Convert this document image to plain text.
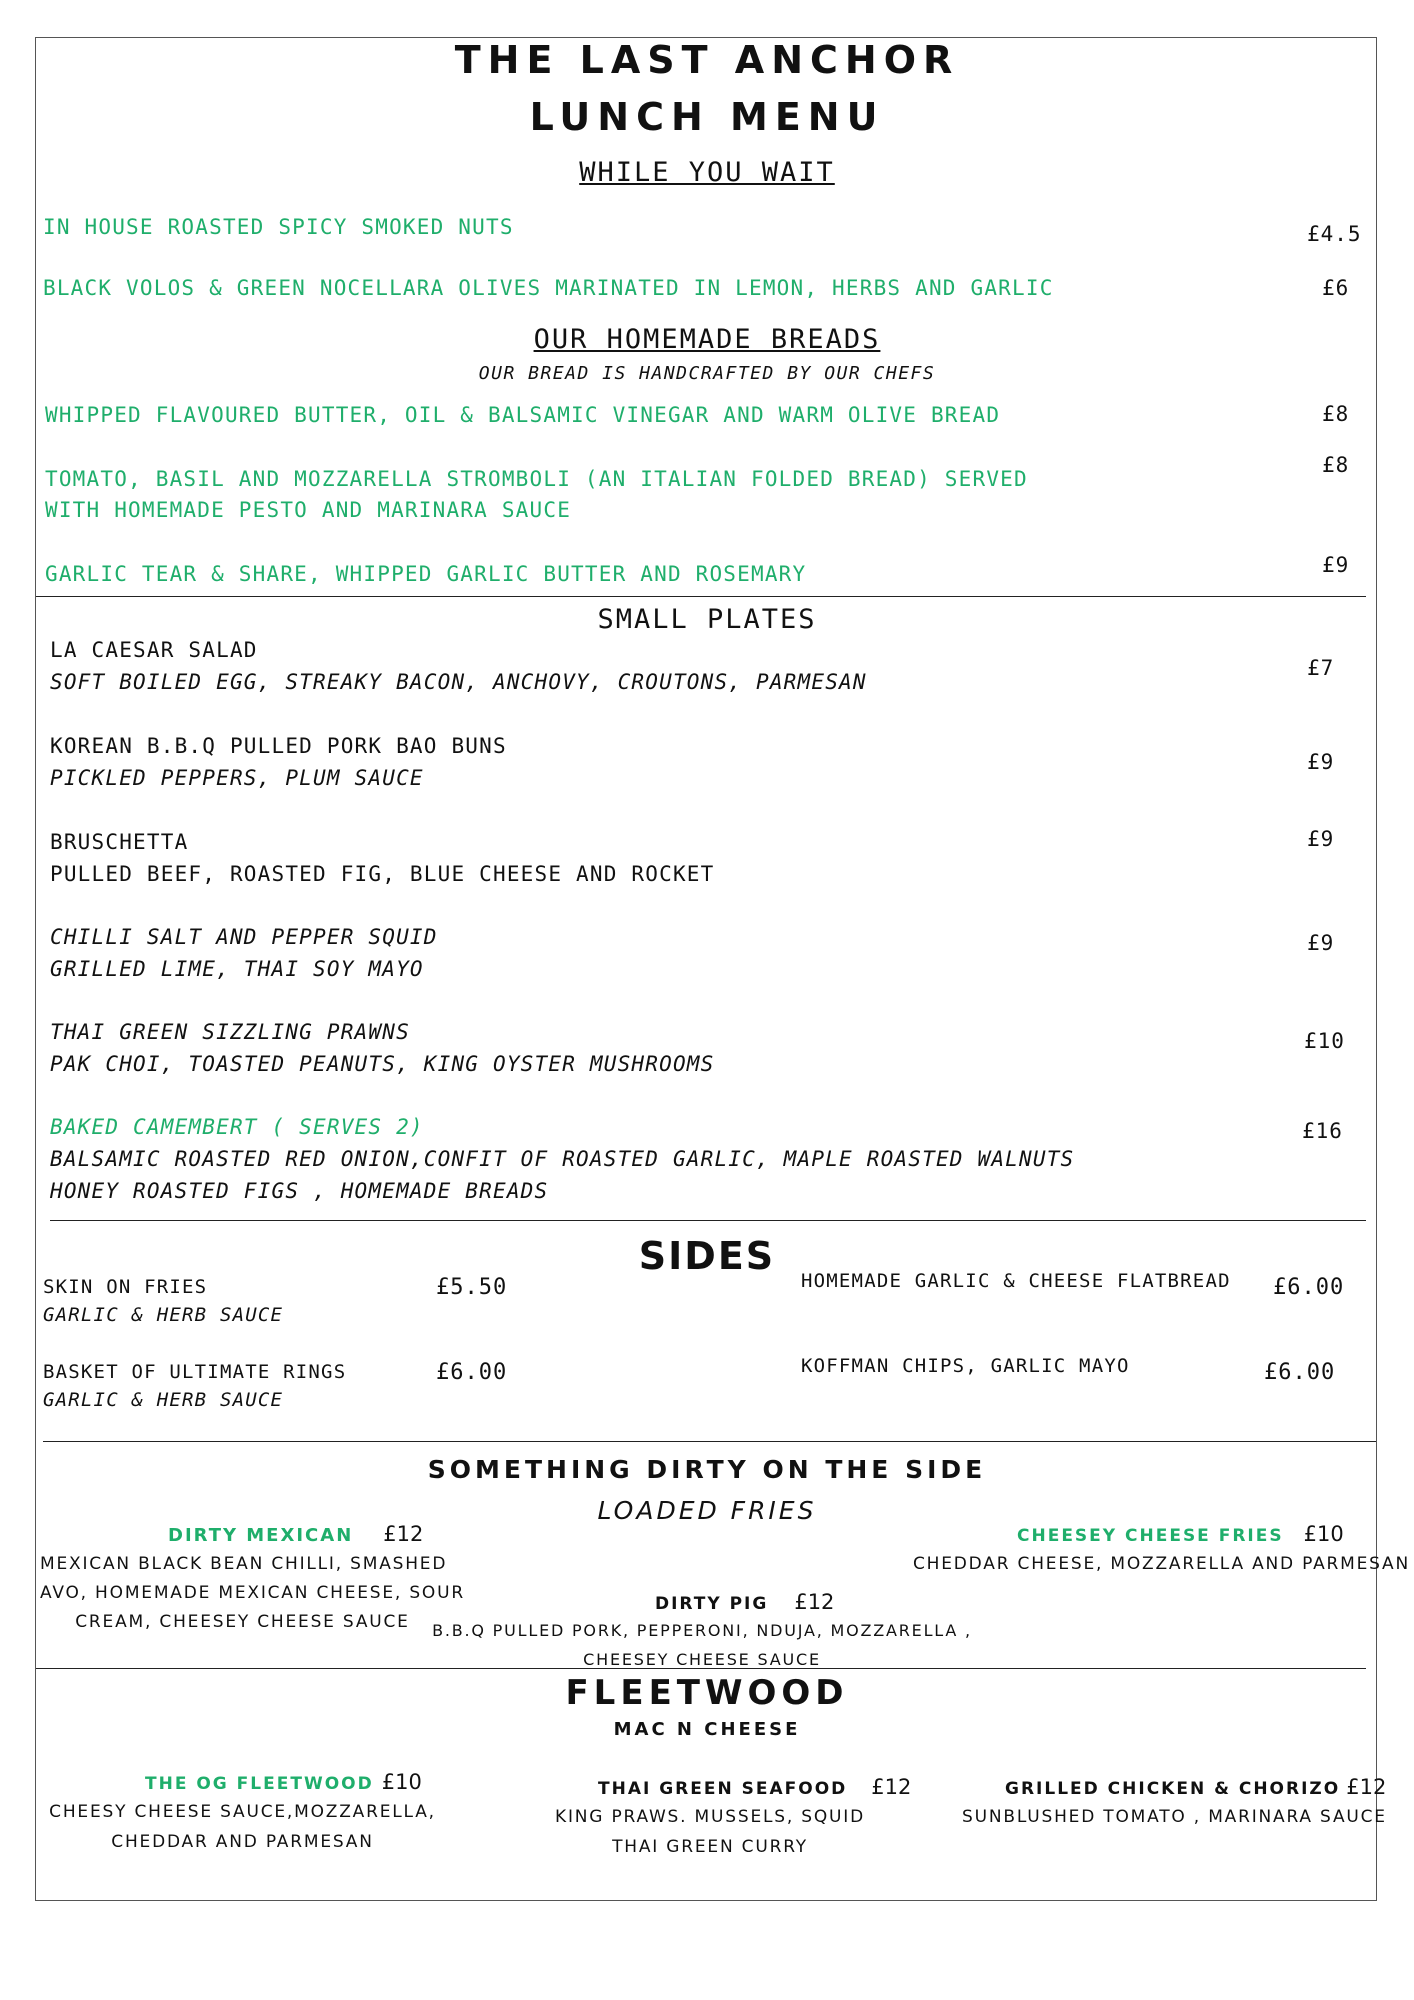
THE LAST ANCHOR
LUNCH MENU
WHILE YOU WAIT
IN HOUSE ROASTED SPICY SMOKED NUTS	£4.5
BLACK VOLOS & GREEN NOCELLARA OLIVES MARINATED IN LEMON, HERBS AND GARLIC	£6
OUR HOMEMADE BREADS
OUR BREAD IS HANDCRAFTED BY OUR CHEFS
WHIPPED FLAVOURED BUTTER, OIL & BALSAMIC VINEGAR AND WARM OLIVE BREAD	£8
TOMATO, BASIL AND MOZZARELLA STROMBOLI (AN ITALIAN FOLDED BREAD) SERVED
WITH HOMEMADE PESTO AND MARINARA SAUCE
£8
GARLIC TEAR & SHARE, WHIPPED GARLIC BUTTER AND ROSEMARY	£9
SMALL PLATES
LA CAESAR SALAD
SOFT BOILED EGG, STREAKY BACON, ANCHOVY, CROUTONS, PARMESAN
£7
KOREAN B.B.Q PULLED PORK BAO BUNS
PICKLED PEPPERS, PLUM SAUCE
£9
BRUSCHETTA
PULLED BEEF, ROASTED FIG, BLUE CHEESE AND ROCKET
£9
CHILLI SALT AND PEPPER SQUID
GRILLED LIME, THAI SOY MAYO
£9
THAI GREEN SIZZLING PRAWNS
PAK CHOI, TOASTED PEANUTS, KING OYSTER MUSHROOMS
£10
BAKED CAMEMBERT ( SERVES 2)
BALSAMIC ROASTED RED ONION,CONFIT OF ROASTED GARLIC, MAPLE ROASTED WALNUTS
HONEY ROASTED FIGS , HOMEMADE BREADS
£16
SIDES
SKIN ON FRIES
GARLIC & HERB SAUCE
£5.50
BASKET OF ULTIMATE RINGS
GARLIC & HERB SAUCE
£6.00
HOMEMADE GARLIC & CHEESE FLATBREAD £6.00
KOFFMAN CHIPS, GARLIC MAYO	£6.00
SOMETHING DIRTY ON THE SIDE
LOADED FRIES
DIRTY MEXICAN £12
MEXICAN BLACK BEAN CHILLI, SMASHED
AVO, HOMEMADE MEXICAN CHEESE, SOUR
CREAM, CHEESEY CHEESE SAUCE
DIRTY PIG £12
B.B.Q PULLED PORK, PEPPERONI, NDUJA, MOZZARELLA ,
CHEESEY CHEESE SAUCE
CHEESEY CHEESE FRIES £10
CHEDDAR CHEESE, MOZZARELLA AND PARMESAN
FLEETWOOD
MAC N CHEESE
THE OG FLEETWOOD £10
CHEESY CHEESE SAUCE,MOZZARELLA,
CHEDDAR AND PARMESAN
THAI GREEN SEAFOOD £12
KING PRAWS. MUSSELS, SQUID
THAI GREEN CURRY
GRILLED CHICKEN & CHORIZO £12
SUNBLUSHED TOMATO , MARINARA SAUCE
